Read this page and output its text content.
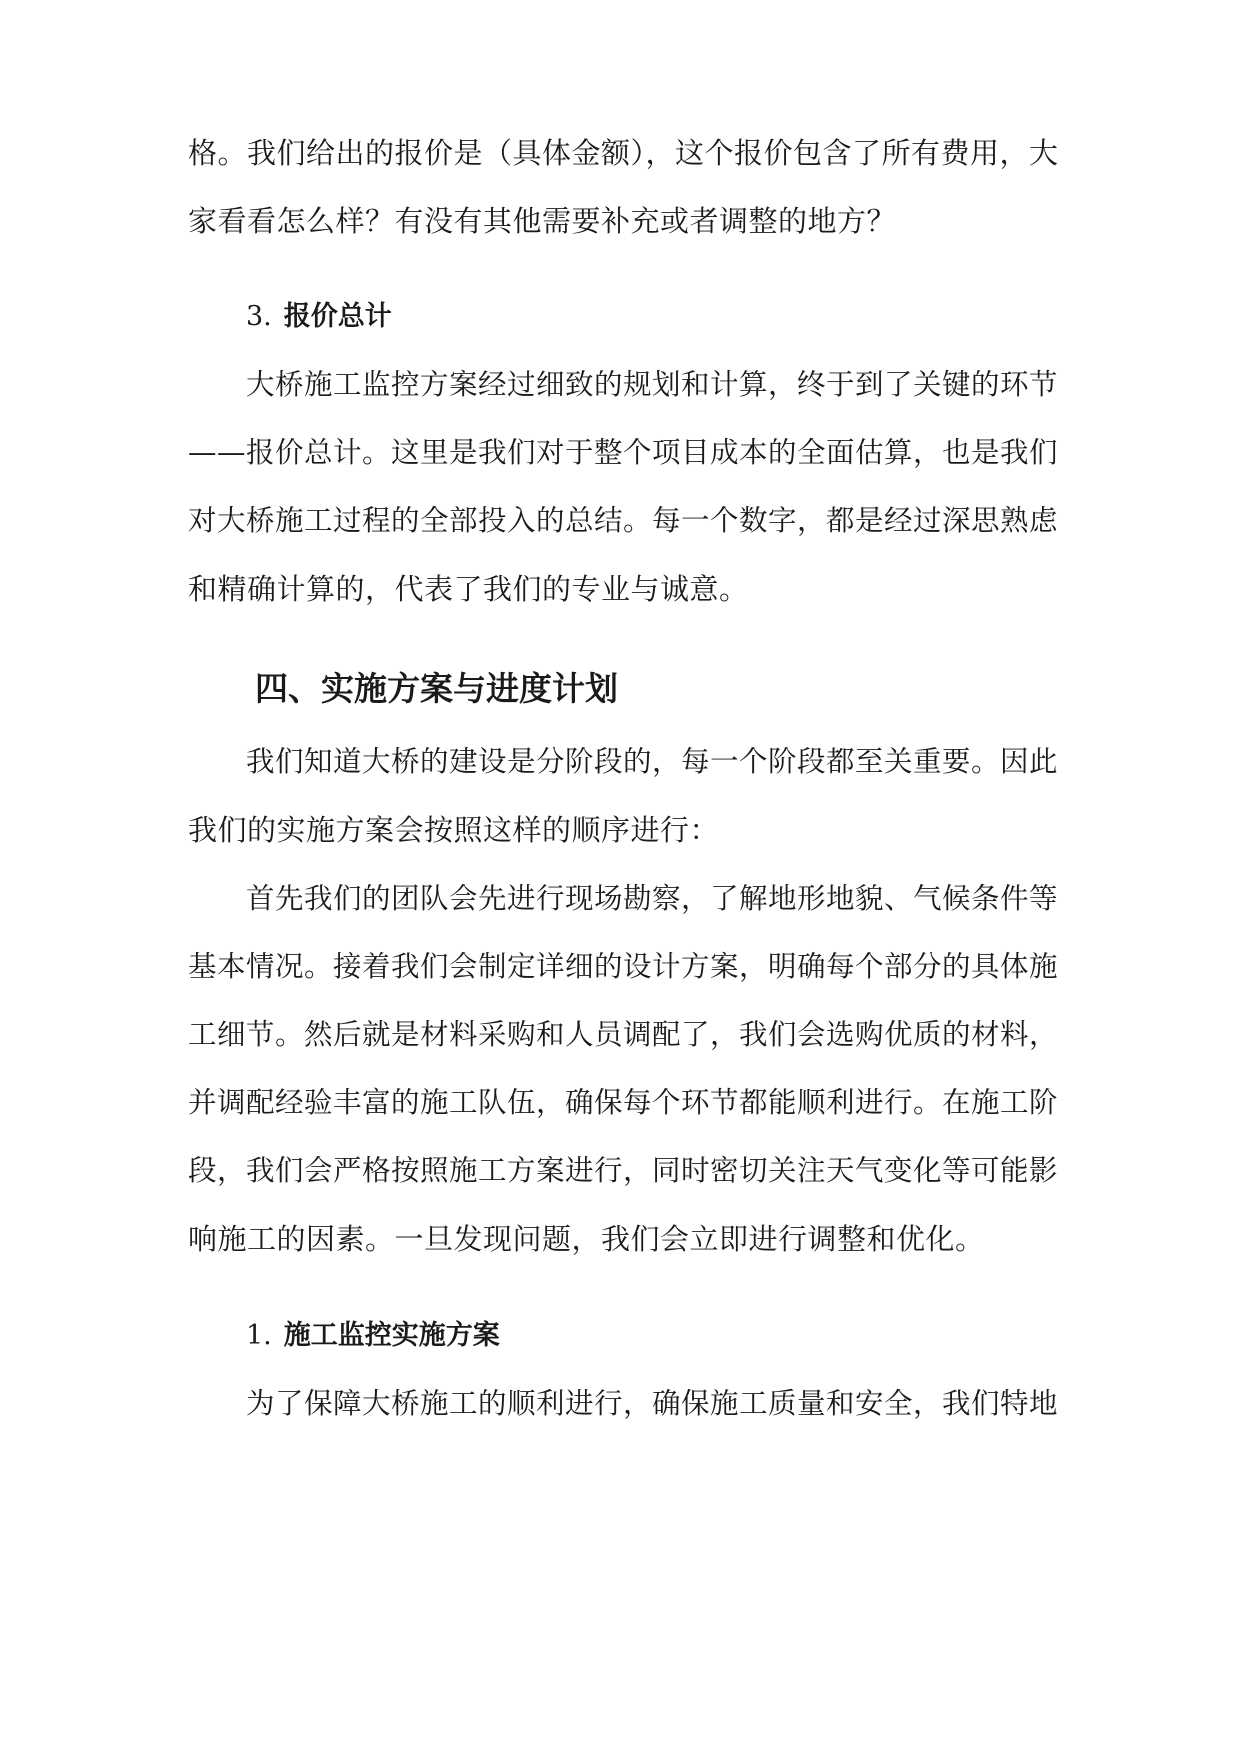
格。我们给出的报价是（具体金额），这个报价包含了所有费用，大
家看看怎么样？有没有其他需要补充或者调整的地方？
3. 报价总计
大桥施工监控方案经过细致的规划和计算，终于到了关键的环节
——报价总计。这里是我们对于整个项目成本的全面估算，也是我们
对大桥施工过程的全部投入的总结。每一个数字，都是经过深思熟虑
和精确计算的，代表了我们的专业与诚意。
四、实施方案与进度计划
我们知道大桥的建设是分阶段的，每一个阶段都至关重要。因此
我们的实施方案会按照这样的顺序进行：
首先我们的团队会先进行现场勘察，了解地形地貌、气候条件等
基本情况。接着我们会制定详细的设计方案，明确每个部分的具体施
工细节。然后就是材料采购和人员调配了，我们会选购优质的材料，
并调配经验丰富的施工队伍，确保每个环节都能顺利进行。在施工阶
段，我们会严格按照施工方案进行，同时密切关注天气变化等可能影
响施工的因素。一旦发现问题，我们会立即进行调整和优化。
1. 施工监控实施方案
为了保障大桥施工的顺利进行，确保施工质量和安全，我们特地
